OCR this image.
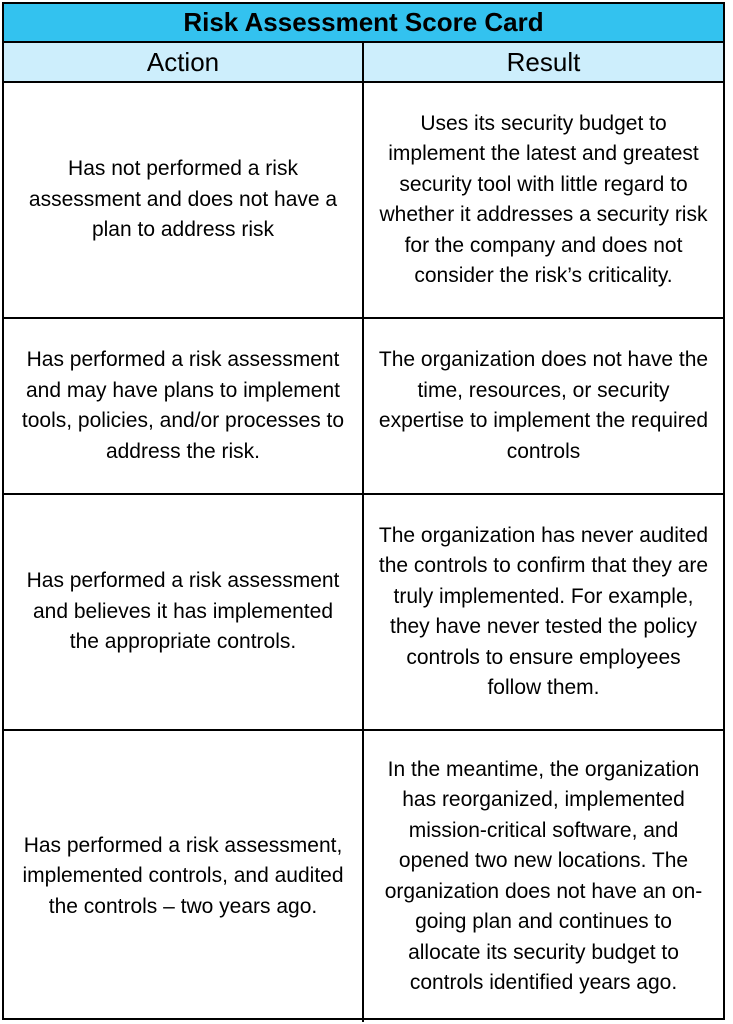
Risk Assessment Score Card
Action	Result
Has not performed a risk assessment and does not have a plan to address risk
Uses its security budget to implement the latest and greatest security tool with little regard to whether it addresses a security risk for the company and does not consider the risk’s criticality.
Has performed a risk assessment and may have plans to implement tools, policies, and/or processes to address the risk.
The organization does not have the time, resources, or security expertise to implement the required controls
Has performed a risk assessment and believes it has implemented the appropriate controls.
The organization has never audited the controls to confirm that they are truly implemented. For example, they have never tested the policy controls to ensure employees follow them.
Has performed a risk assessment, implemented controls, and audited the controls – two years ago.
In the meantime, the organization has reorganized, implemented mission-critical software, and opened two new locations. The organization does not have an on-going plan and continues to allocate its security budget to controls identified years ago.
